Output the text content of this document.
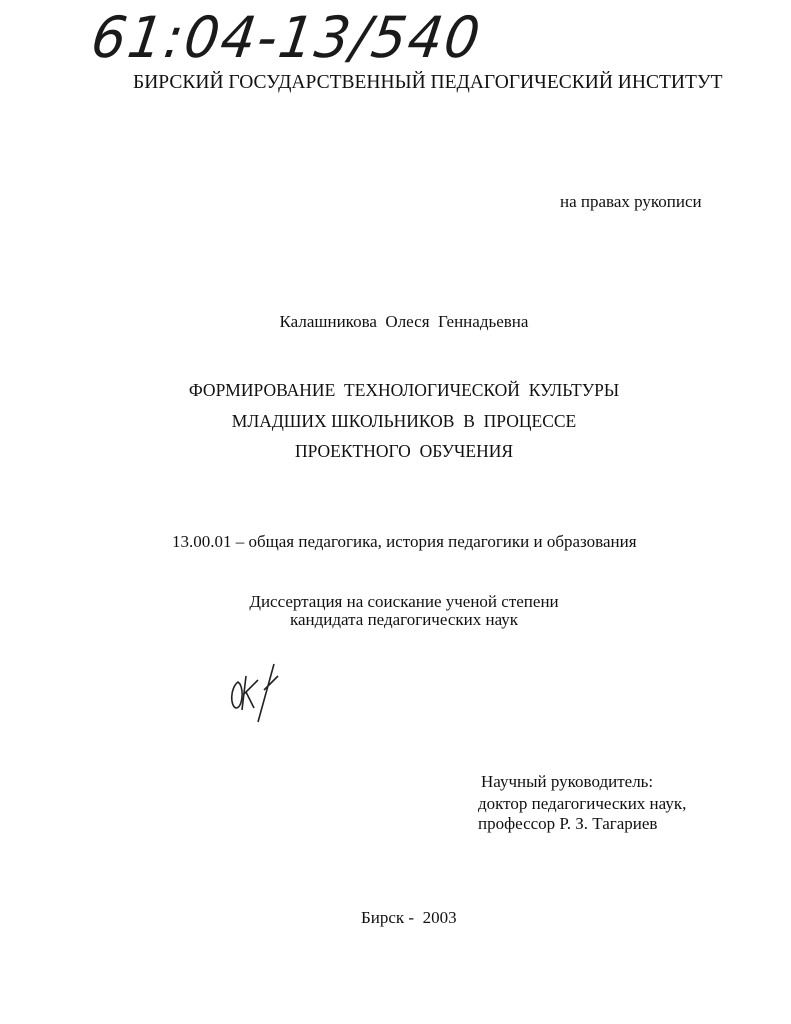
61:04-13/540
БИРСКИЙ ГОСУДАРСТВЕННЫЙ ПЕДАГОГИЧЕСКИЙ ИНСТИТУТ
на правах рукописи
Калашникова  Олеся  Геннадьевна
ФОРМИРОВАНИЕ  ТЕХНОЛОГИЧЕСКОЙ  КУЛЬТУРЫ
МЛАДШИХ ШКОЛЬНИКОВ  В  ПРОЦЕССЕ
ПРОЕКТНОГО  ОБУЧЕНИЯ
13.00.01 – общая педагогика, история педагогики и образования
Диссертация на соискание ученой степени
кандидата педагогических наук
Научный руководитель:
доктор педагогических наук,
профессор Р. З. Тагариев
Бирск -  2003
